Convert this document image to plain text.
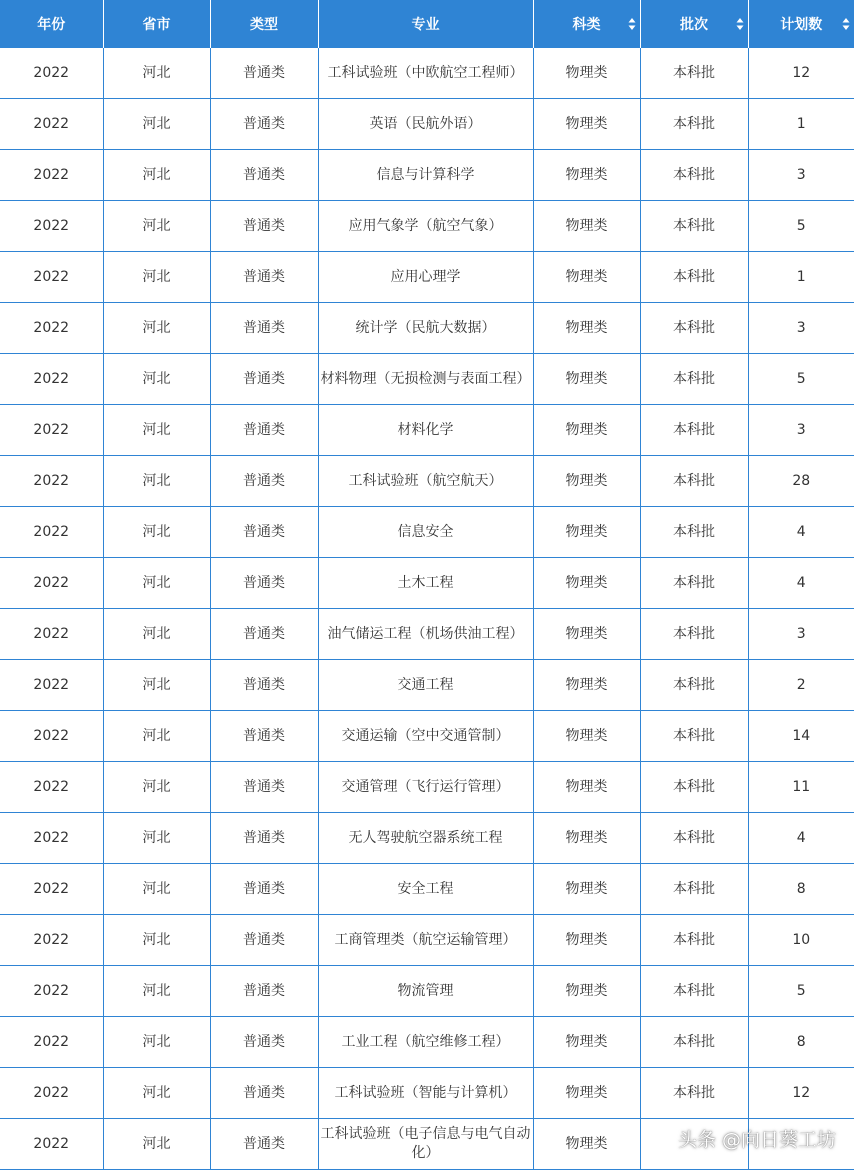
年份	省市	类型	专业	科类	批次	计划数

2022	河北	普通类	工科试验班（中欧航空工程师）	物理类	本科批	12
2022	河北	普通类	英语（民航外语）	物理类	本科批	1
2022	河北	普通类	信息与计算科学	物理类	本科批	3
2022	河北	普通类	应用气象学（航空气象）	物理类	本科批	5
2022	河北	普通类	应用心理学	物理类	本科批	1
2022	河北	普通类	统计学（民航大数据）	物理类	本科批	3
2022	河北	普通类	材料物理（无损检测与表面工程）	物理类	本科批	5
2022	河北	普通类	材料化学	物理类	本科批	3
2022	河北	普通类	工科试验班（航空航天）	物理类	本科批	28
2022	河北	普通类	信息安全	物理类	本科批	4
2022	河北	普通类	土木工程	物理类	本科批	4
2022	河北	普通类	油气储运工程（机场供油工程）	物理类	本科批	3
2022	河北	普通类	交通工程	物理类	本科批	2
2022	河北	普通类	交通运输（空中交通管制）	物理类	本科批	14
2022	河北	普通类	交通管理（飞行运行管理）	物理类	本科批	11
2022	河北	普通类	无人驾驶航空器系统工程	物理类	本科批	4
2022	河北	普通类	安全工程	物理类	本科批	8
2022	河北	普通类	工商管理类（航空运输管理）	物理类	本科批	10
2022	河北	普通类	物流管理	物理类	本科批	5
2022	河北	普通类	工业工程（航空维修工程）	物理类	本科批	8
2022	河北	普通类	工科试验班（智能与计算机）	物理类	本科批	12
2022	河北	普通类	工科试验班（电子信息与电气自动化）	物理类			头条 @向日葵工坊
